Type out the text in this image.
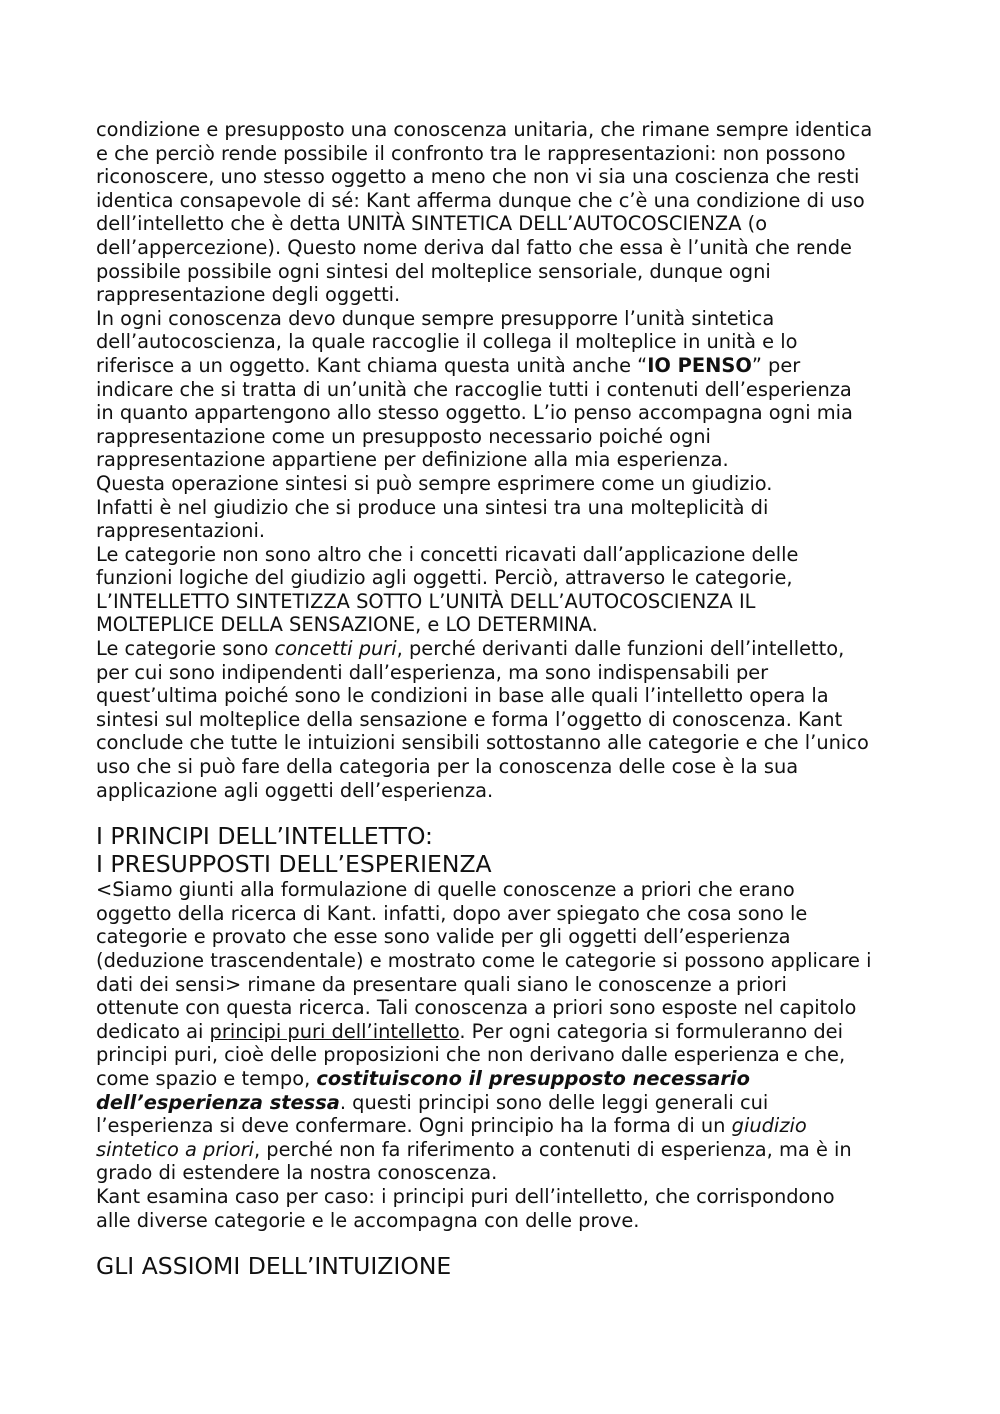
condizione e presupposto una conoscenza unitaria, che rimane sempre identica
e che perciò rende possibile il confronto tra le rappresentazioni: non possono
riconoscere, uno stesso oggetto a meno che non vi sia una coscienza che resti
identica consapevole di sé: Kant afferma dunque che c’è una condizione di uso
dell’intelletto che è detta UNITÀ SINTETICA DELL’AUTOCOSCIENZA (o
dell’appercezione). Questo nome deriva dal fatto che essa è l’unità che rende
possibile possibile ogni sintesi del molteplice sensoriale, dunque ogni
rappresentazione degli oggetti.
In ogni conoscenza devo dunque sempre presupporre l’unità sintetica
dell’autocoscienza, la quale raccoglie il collega il molteplice in unità e lo
riferisce a un oggetto. Kant chiama questa unità anche “IO PENSO” per
indicare che si tratta di un’unità che raccoglie tutti i contenuti dell’esperienza
in quanto appartengono allo stesso oggetto. L’io penso accompagna ogni mia
rappresentazione come un presupposto necessario poiché ogni
rappresentazione appartiene per definizione alla mia esperienza.
Questa operazione sintesi si può sempre esprimere come un giudizio.
Infatti è nel giudizio che si produce una sintesi tra una molteplicità di
rappresentazioni.
Le categorie non sono altro che i concetti ricavati dall’applicazione delle
funzioni logiche del giudizio agli oggetti. Perciò, attraverso le categorie,
L’INTELLETTO SINTETIZZA SOTTO L’UNITÀ DELL’AUTOCOSCIENZA IL
MOLTEPLICE DELLA SENSAZIONE, e LO DETERMINA.
Le categorie sono concetti puri, perché derivanti dalle funzioni dell’intelletto,
per cui sono indipendenti dall’esperienza, ma sono indispensabili per
quest’ultima poiché sono le condizioni in base alle quali l’intelletto opera la
sintesi sul molteplice della sensazione e forma l’oggetto di conoscenza. Kant
conclude che tutte le intuizioni sensibili sottostanno alle categorie e che l’unico
uso che si può fare della categoria per la conoscenza delle cose è la sua
applicazione agli oggetti dell’esperienza.
I PRINCIPI DELL’INTELLETTO:
I PRESUPPOSTI DELL’ESPERIENZA
<Siamo giunti alla formulazione di quelle conoscenze a priori che erano
oggetto della ricerca di Kant. infatti, dopo aver spiegato che cosa sono le
categorie e provato che esse sono valide per gli oggetti dell’esperienza
(deduzione trascendentale) e mostrato come le categorie si possono applicare i
dati dei sensi> rimane da presentare quali siano le conoscenze a priori
ottenute con questa ricerca. Tali conoscenza a priori sono esposte nel capitolo
dedicato ai principi puri dell’intelletto. Per ogni categoria si formuleranno dei
principi puri, cioè delle proposizioni che non derivano dalle esperienza e che,
come spazio e tempo, costituiscono il presupposto necessario
dell’esperienza stessa. questi principi sono delle leggi generali cui
l’esperienza si deve confermare. Ogni principio ha la forma di un giudizio
sintetico a priori, perché non fa riferimento a contenuti di esperienza, ma è in
grado di estendere la nostra conoscenza.
Kant esamina caso per caso: i principi puri dell’intelletto, che corrispondono
alle diverse categorie e le accompagna con delle prove.
GLI ASSIOMI DELL’INTUIZIONE
